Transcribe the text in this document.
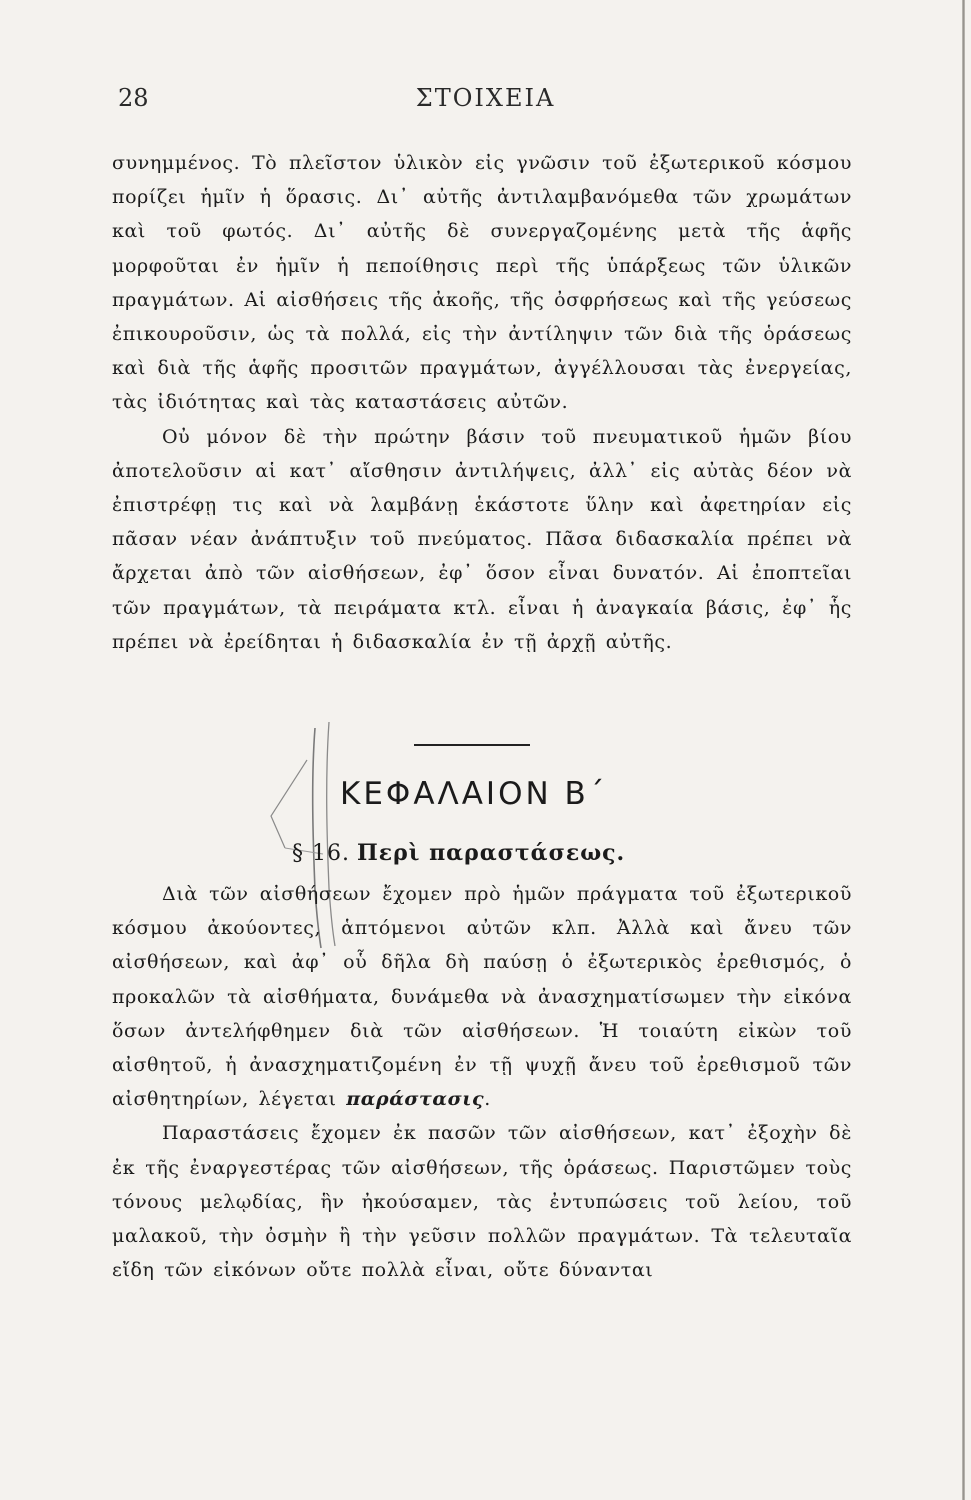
28	ΣΤΟΙΧΕΙΑ

συνημμένος. Τὸ πλεῖστον ὑλικὸν εἰς γνῶσιν τοῦ ἐξωτερικοῦ κόσμου πορίζει ἡμῖν ἡ ὅρασις. Δι᾽ αὐτῆς ἀντιλαμβανόμεθα τῶν χρωμάτων καὶ τοῦ φωτός. Δι᾽ αὐτῆς δὲ συνεργαζομένης μετὰ τῆς ἁφῆς μορφοῦται ἐν ἡμῖν ἡ πεποίθησις περὶ τῆς ὑπάρξεως τῶν ὑλικῶν πραγμάτων. Αἱ αἰσθήσεις τῆς ἀκοῆς, τῆς ὀσφρήσεως καὶ τῆς γεύσεως ἐπικουροῦσιν, ὡς τὰ πολλά, εἰς τὴν ἀντίληψιν τῶν διὰ τῆς ὁράσεως καὶ διὰ τῆς ἁφῆς προσιτῶν πραγμάτων, ἀγγέλλουσαι τὰς ἐνεργείας, τὰς ἰδιότητας καὶ τὰς καταστάσεις αὐτῶν.

Οὐ μόνον δὲ τὴν πρώτην βάσιν τοῦ πνευματικοῦ ἡμῶν βίου ἀποτελοῦσιν αἱ κατ᾽ αἴσθησιν ἀντιλήψεις, ἀλλ᾽ εἰς αὐτὰς δέον νὰ ἐπιστρέφῃ τις καὶ νὰ λαμβάνῃ ἑκάστοτε ὕλην καὶ ἀφετηρίαν εἰς πᾶσαν νέαν ἀνάπτυξιν τοῦ πνεύματος. Πᾶσα διδασκαλία πρέπει νὰ ἄρχεται ἀπὸ τῶν αἰσθήσεων, ἐφ᾽ ὅσον εἶναι δυνατόν. Αἱ ἐποπτεῖαι τῶν πραγμάτων, τὰ πειράματα κτλ. εἶναι ἡ ἀναγκαία βάσις, ἐφ᾽ ἧς πρέπει νὰ ἐρείδηται ἡ διδασκαλία ἐν τῇ ἀρχῇ αὐτῆς.

ΚΕΦΑΛΑΙΟΝ Β΄
§ 16. Περὶ παραστάσεως.

Διὰ τῶν αἰσθήσεων ἔχομεν πρὸ ἡμῶν πράγματα τοῦ ἐξωτερικοῦ κόσμου ἀκούοντες, ἁπτόμενοι αὐτῶν κλπ. Ἀλλὰ καὶ ἄνευ τῶν αἰσθήσεων, καὶ ἀφ᾽ οὗ δῆλα δὴ παύσῃ ὁ ἐξωτερικὸς ἐρεθισμός, ὁ προκαλῶν τὰ αἰσθήματα, δυνάμεθα νὰ ἀνασχηματίσωμεν τὴν εἰκόνα ὅσων ἀντελήφθημεν διὰ τῶν αἰσθήσεων. Ἡ τοιαύτη εἰκὼν τοῦ αἰσθητοῦ, ἡ ἀνασχηματιζομένη ἐν τῇ ψυχῇ ἄνευ τοῦ ἐρεθισμοῦ τῶν αἰσθητηρίων, λέγεται παράστασις.

Παραστάσεις ἔχομεν ἐκ πασῶν τῶν αἰσθήσεων, κατ᾽ ἐξοχὴν δὲ ἐκ τῆς ἐναργεστέρας τῶν αἰσθήσεων, τῆς ὁράσεως. Παριστῶμεν τοὺς τόνους μελῳδίας, ἣν ἠκούσαμεν, τὰς ἐντυπώσεις τοῦ λείου, τοῦ μαλακοῦ, τὴν ὀσμὴν ἢ τὴν γεῦσιν πολλῶν πραγμάτων. Τὰ τελευταῖα εἴδη τῶν εἰκόνων οὔτε πολλὰ εἶναι, οὔτε δύνανται
